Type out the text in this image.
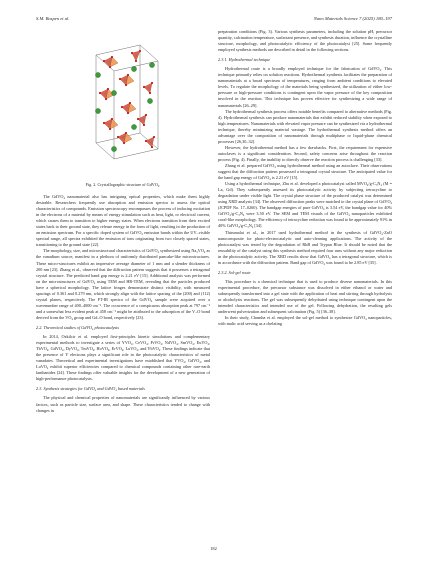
S.M. Bospen et al.	Nano Materials Science 7 (2025) 180–197
Fig. 2. Crystallographic structure of GdVO₄.

The GdVO₄ nanomaterial also has intriguing optical properties, which make them highly desirable. Researchers frequently use absorption and emission spectra to assess the optical characteristics of compounds. Emission spectroscopy encompasses the process of inducing excitation in the electrons of a material by means of energy stimulation such as heat, light, or electrical current, which causes them to transition to higher energy states. When electrons transition from their excited states back to their ground state, they release energy in the form of light, resulting in the production of an emission spectrum. For a specific doped system of GdVO₄ emission bands within the UV–visible spectral range, all spectra exhibited the emission of ions originating from two closely spaced states, transitioning to the ground state [22].

The morphology, size, and microstructural characteristics of GdVO₄ synthesized using Na₃VO₄ as the vanadium source, manifest in a plethora of uniformly distributed pancake-like microstructures. These micro-structures exhibit an impressive average diameter of 1 mm and a slender thickness of 200 nm [23]. Zhang et al., observed that the diffraction pattern suggests that it possesses a tetragonal crystal structure. The predicted band gap energy is 2.21 eV [15]. Additional analysis was performed on the microstructures of GdVO₄ using TEM and HR-TEM, revealing that the particles produced have a spherical morphology. The lattice fringes demonstrate distinct visibility, with measured spacings of 0.361 and 0.279 nm, which strongly align with the lattice spacing of the (200) and (112) crystal planes, respectively. The FT-IR spectra of the GdVO₄ sample were acquired over a wavenumber range of 400–4000 cm⁻¹. The occurrence of a conspicuous absorption peak at 797 cm⁻¹ and a somewhat less evident peak at 458 cm⁻¹ might be attributed to the adsorption of the V–O bond derived from the VO₄ group and Gd–O bond, respectively [23].

2.2. Theoretical studies of GdVO₄ photocatalysts

In 2014, Ozkilcir et al. employed first-principles kinetic simulations and complementary experimental methods to investigate a series of YVO₄, CeVO₄, PrVO₄, NdVO₄, SmVO₄, EuVO₄, TbVO₄, GdVO₄, DyVO₄, TmVO₄, HoVO₄, ErVO₄, LuVO₄, and YbVO₄. These findings indicate that the presence of Y electrons plays a significant role in the photocatalytic characteristics of metal vanadates. Theoretical and experimental investigations have established that YVO₄, GdVO₄, and LuVO₄ exhibit superior efficiencies compared to chemical compounds containing other rare-earth lanthanides [24]. These findings offer valuable insights for the development of a new generation of high-performance photocatalysts.

2.3. Synthesis strategies for GdVO₄ and GdVO₄ based materials

The physical and chemical properties of nanomaterials are significantly influenced by various factors, such as particle size, surface area, and shape. These characteristics tended to change with changes in

preparation conditions (Fig. 3). Various synthesis parameters, including the solution pH, precursor quantity, calcination temperature, surfactant presence, and synthesis duration, influence the crystalline structure, morphology, and photocatalytic efficiency of the photocatalyst [25]. Some frequently employed synthesis methods are described in detail in the following sections.

2.3.1. Hydrothermal technique

Hydrothermal route is a broadly employed technique for the fabrication of GdVO₄. This technique primarily relies on solution reactions. Hydrothermal synthesis facilitates the preparation of nanomaterials at a broad spectrum of temperatures, ranging from ambient conditions to elevated levels. To regulate the morphology of the materials being synthesized, the utilization of either low-pressure or high-pressure conditions is contingent upon the vapor pressure of the key composition involved in the reaction. This technique has proven effective for synthesizing a wide range of nanomaterials [26–29].

The hydrothermal synthesis process offers notable benefits compared to alternative methods (Fig. 4). Hydrothermal synthesis can produce nanomaterials that exhibit reduced stability when exposed to high temperatures. Nanomaterials with elevated vapor pressure can be synthesized via a hydrothermal technique, thereby minimizing material wastage. The hydrothermal synthesis method offers an advantage over the composition of nanomaterials through multiphase or liquid-phase chemical processes [26,30–32].

However, the hydrothermal method has a few drawbacks. First, the requirement for expensive autoclaves is a significant consideration. Second, safety concerns arise throughout the reaction process (Fig. 4). Finally, the inability to directly observe the reaction process is challenging [33].

Zhang et al. prepared GdVO₄ using hydrothermal method using an autoclave. Their observations suggest that the diffraction pattern possessed a tetragonal crystal structure. The anticipated value for the band gap energy of GdVO₄ is 2.21 eV [15].

Using a hydrothermal technique, Zhu et al. developed a photocatalyst called MVO₄/g-C₃N₄ (M = La, Gd). They subsequently assessed its photocatalytic activity by subjecting tetracycline to degradation under visible light. The crystal phase structure of the produced catalyst was determined using XRD analysis [34]. The observed diffraction peaks were matched to the crystal plane of GdVO₄ (JCPDF No. 17–0260). The bandgap energies of pure GdVO₄ is 3.54 eV, the bandgap value for 40% GdVO₄/g-C₃N₄ were 3.50 eV. The SEM and TEM visuals of the GdVO₄ nanoparticles exhibited coral-like morphology. The efficiency of tetracycline reduction was found to be approximately 91% in 40% GdVO₄/g-C₃N₄ [34].

Thirumalai et al., in 2017 used hydrothermal method in the synthesis of GdVO₄-ZnO nanocomposite for photo-electrocatalytic and auto-cleaning applications. The activity of the photocatalyst was tested by the degradation of RhB and Trypan Blue. It should be noted that the reusability of the catalyst using this synthesis method required four runs without any major reduction in the photocatalytic activity. The XRD results show that GdVO₄ has a tetragonal structure, which is in accordance with the diffraction pattern. Band gap of GdVO₄ was found to be 2.85 eV [35].

2.3.2. Sol-gel route

This procedure is a chemical technique that is used to produce diverse nanomaterials. In this experimental procedure, the precursor substance was dissolved in either ethanol or water and subsequently transformed into a gel state with the application of heat and stirring through hydrolysis or alcoholysis reactions. The gel was subsequently dehydrated using technique contingent upon the intended characteristics and intended use of the gel. Following dehydration, the resulting gels underwent pulverization and subsequent calcination (Fig. 5) [36–38].

In their study, Chumha et al. employed the sol-gel method to synthesize GdVO₄ nanoparticles, with malic acid serving as a chelating

182
